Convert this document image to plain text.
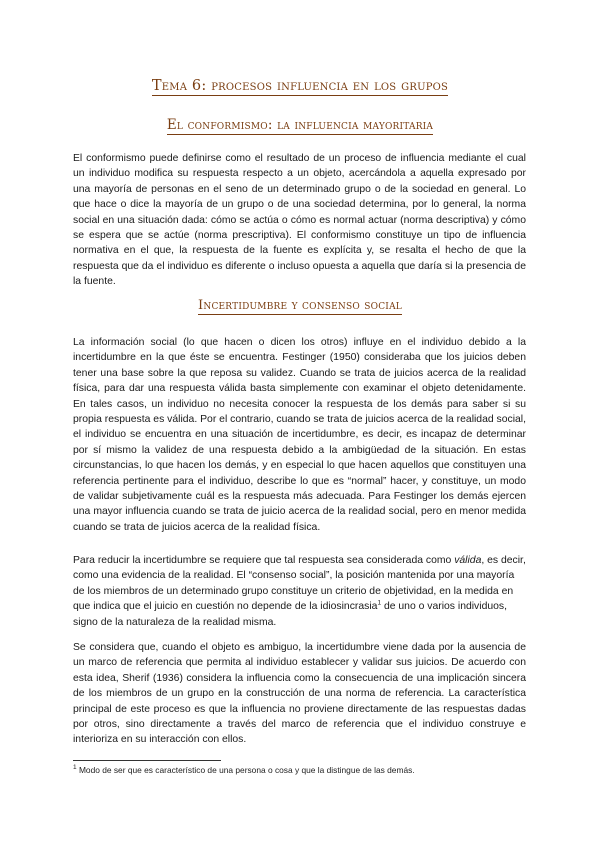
Tema 6: procesos influencia en los grupos
El conformismo: la influencia mayoritaria

El conformismo puede definirse como el resultado de un proceso de influencia mediante el cual un individuo modifica su respuesta respecto a un objeto, acercándola a aquella expresado por una mayoría de personas en el seno de un determinado grupo o de la sociedad en general. Lo que hace o dice la mayoría de un grupo o de una sociedad determina, por lo general, la norma social en una situación dada: cómo se actúa o cómo es normal actuar (norma descriptiva) y cómo se espera que se actúe (norma prescriptiva). El conformismo constituye un tipo de influencia normativa en el que, la respuesta de la fuente es explícita y, se resalta el hecho de que la respuesta que da el individuo es diferente o incluso opuesta a aquella que daría si la presencia de la fuente.

Incertidumbre y consenso social

La información social (lo que hacen o dicen los otros) influye en el individuo debido a la incertidumbre en la que éste se encuentra. Festinger (1950) consideraba que los juicios deben tener una base sobre la que reposa su validez. Cuando se trata de juicios acerca de la realidad física, para dar una respuesta válida basta simplemente con examinar el objeto detenidamente. En tales casos, un individuo no necesita conocer la respuesta de los demás para saber si su propia respuesta es válida. Por el contrario, cuando se trata de juicios acerca de la realidad social, el individuo se encuentra en una situación de incertidumbre, es decir, es incapaz de determinar por sí mismo la validez de una respuesta debido a la ambigüedad de la situación. En estas circunstancias, lo que hacen los demás, y en especial lo que hacen aquellos que constituyen una referencia pertinente para el individuo, describe lo que es “normal” hacer, y constituye, un modo de validar subjetivamente cuál es la respuesta más adecuada. Para Festinger los demás ejercen una mayor influencia cuando se trata de juicio acerca de la realidad social, pero en menor medida cuando se trata de juicios acerca de la realidad física.

Para reducir la incertidumbre se requiere que tal respuesta sea considerada como válida, es decir, como una evidencia de la realidad. El “consenso social”, la posición mantenida por una mayoría de los miembros de un determinado grupo constituye un criterio de objetividad, en la medida en que indica que el juicio en cuestión no depende de la idiosincrasia$^1$ de uno o varios individuos, signo de la naturaleza de la realidad misma.

Se considera que, cuando el objeto es ambiguo, la incertidumbre viene dada por la ausencia de un marco de referencia que permita al individuo establecer y validar sus juicios. De acuerdo con esta idea, Sherif (1936) considera la influencia como la consecuencia de una implicación sincera de los miembros de un grupo en la construcción de una norma de referencia. La característica principal de este proceso es que la influencia no proviene directamente de las respuestas dadas por otros, sino directamente a través del marco de referencia que el individuo construye e interioriza en su interacción con ellos.

$^1$ Modo de ser que es característico de una persona o cosa y que la distingue de las demás.
